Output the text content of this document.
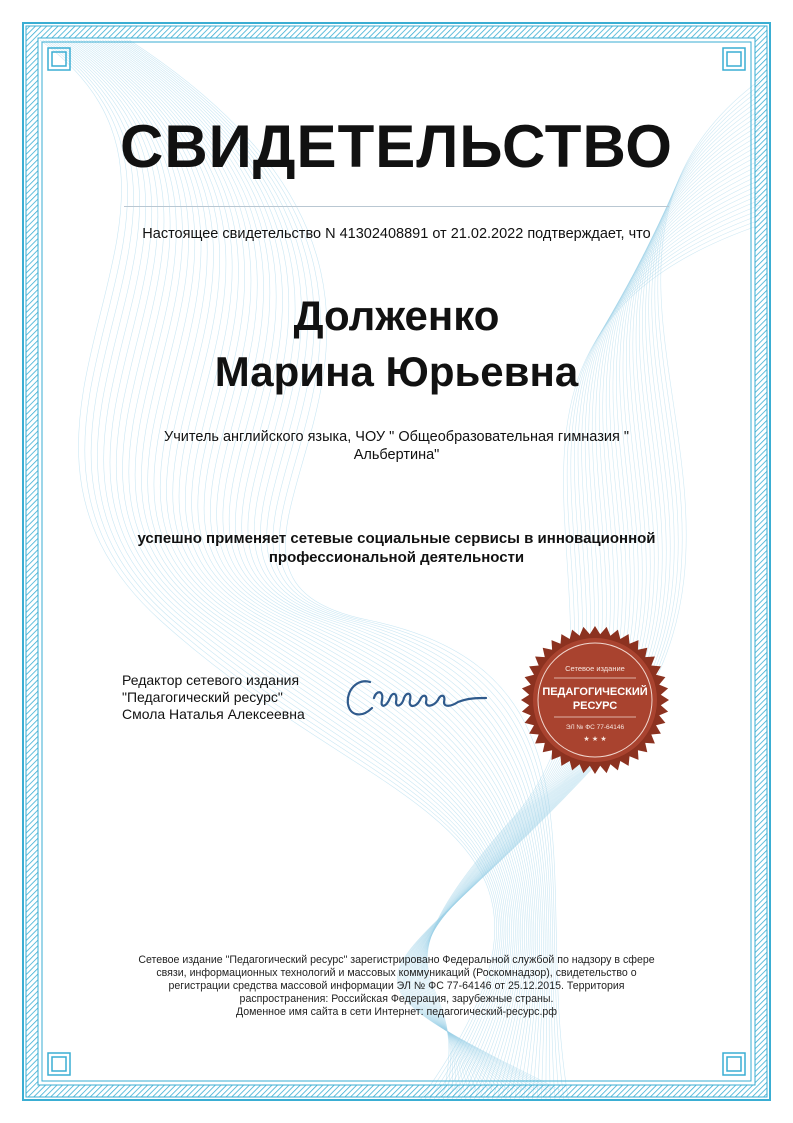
СВИДЕТЕЛЬСТВО
Настоящее свидетельство N 41302408891 от 21.02.2022 подтверждает, что
Долженко
Марина Юрьевна
Учитель английского языка, ЧОУ " Общеобразовательная гимназия " Альбертина"
успешно применяет сетевые социальные сервисы в инновационной профессиональной деятельности
Редактор сетевого издания
"Педагогический ресурс"
Смола Наталья Алексеевна
Сетевое издание
ПЕДАГОГИЧЕСКИЙ
РЕСУРС
ЭЛ № ФС 77-64146
★ ★ ★
Сетевое издание "Педагогический ресурс" зарегистрировано Федеральной службой по надзору в сфере
связи, информационных технологий и массовых коммуникаций (Роскомнадзор), свидетельство о
регистрации средства массовой информации ЭЛ № ФС 77-64146 от 25.12.2015. Территория
распространения: Российская Федерация, зарубежные страны.
Доменное имя сайта в сети Интернет: педагогический-ресурс.рф
